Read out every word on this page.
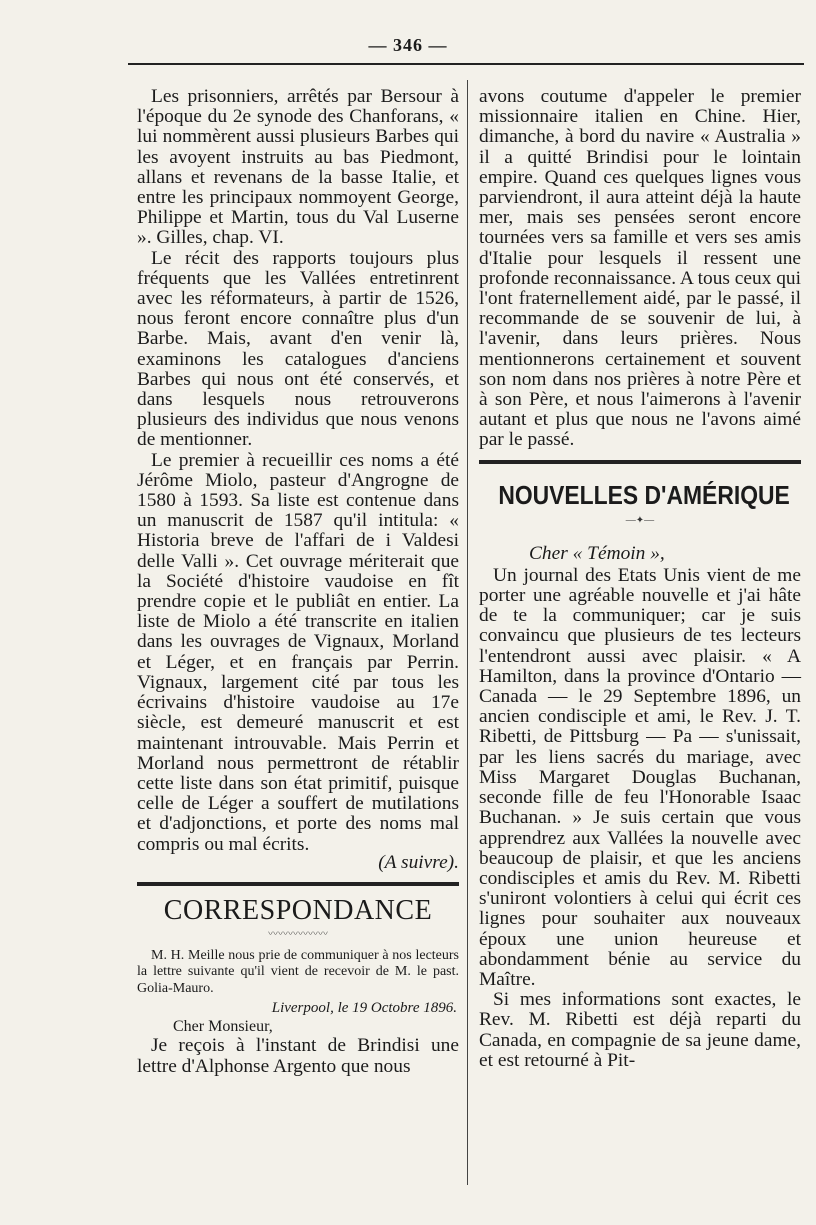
— 346 —

Les prisonniers, arrêtés par Bersour à l'époque du 2e synode des Chanforans, « lui nommèrent aussi plusieurs Barbes qui les avoyent instruits au bas Piedmont, allans et revenans de la basse Italie, et entre les principaux nommoyent George, Philippe et Martin, tous du Val Luserne ». Gilles, chap. VI.

Le récit des rapports toujours plus fréquents que les Vallées entretinrent avec les réformateurs, à partir de 1526, nous feront encore connaître plus d'un Barbe. Mais, avant d'en venir là, examinons les catalogues d'anciens Barbes qui nous ont été conservés, et dans lesquels nous retrouverons plusieurs des individus que nous venons de mentionner.

Le premier à recueillir ces noms a été Jérôme Miolo, pasteur d'Angrogne de 1580 à 1593. Sa liste est contenue dans un manuscrit de 1587 qu'il intitula: « Historia breve de l'affari de i Valdesi delle Valli ». Cet ouvrage mériterait que la Société d'histoire vaudoise en fît prendre copie et le publiât en entier. La liste de Miolo a été transcrite en italien dans les ouvrages de Vignaux, Morland et Léger, et en français par Perrin. Vignaux, largement cité par tous les écrivains d'histoire vaudoise au 17e siècle, est demeuré manuscrit et est maintenant introuvable. Mais Perrin et Morland nous permettront de rétablir cette liste dans son état primitif, puisque celle de Léger a souffert de mutilations et d'adjonctions, et porte des noms mal compris ou mal écrits.

(A suivre).

CORRESPONDANCE
〰〰〰〰〰〰

M. H. Meille nous prie de communiquer à nos lecteurs la lettre suivante qu'il vient de recevoir de M. le past. Golia-Mauro.

Liverpool, le 19 Octobre 1896.
Cher Monsieur,

Je reçois à l'instant de Brindisi une lettre d'Alphonse Argento que nous

avons coutume d'appeler le premier missionnaire italien en Chine. Hier, dimanche, à bord du navire « Australia » il a quitté Brindisi pour le lointain empire. Quand ces quelques lignes vous parviendront, il aura atteint déjà la haute mer, mais ses pensées seront encore tournées vers sa famille et vers ses amis d'Italie pour lesquels il ressent une profonde reconnaissance. A tous ceux qui l'ont fraternellement aidé, par le passé, il recommande de se souvenir de lui, à l'avenir, dans leurs prières. Nous mentionnerons certainement et souvent son nom dans nos prières à notre Père et à son Père, et nous l'aimerons à l'avenir autant et plus que nous ne l'avons aimé par le passé.

NOUVELLES D'AMÉRIQUE
—✦—
Cher « Témoin »,

Un journal des Etats Unis vient de me porter une agréable nouvelle et j'ai hâte de te la communiquer; car je suis convaincu que plusieurs de tes lecteurs l'entendront aussi avec plaisir. « A Hamilton, dans la province d'Ontario — Canada — le 29 Septembre 1896, un ancien condisciple et ami, le Rev. J. T. Ribetti, de Pittsburg — Pa — s'unissait, par les liens sacrés du mariage, avec Miss Margaret Douglas Buchanan, seconde fille de feu l'Honorable Isaac Buchanan. » Je suis certain que vous apprendrez aux Vallées la nouvelle avec beaucoup de plaisir, et que les anciens condisciples et amis du Rev. M. Ribetti s'uniront volontiers à celui qui écrit ces lignes pour souhaiter aux nouveaux époux une union heureuse et abondamment bénie au service du Maître.

Si mes informations sont exactes, le Rev. M. Ribetti est déjà reparti du Canada, en compagnie de sa jeune dame, et est retourné à Pit-
